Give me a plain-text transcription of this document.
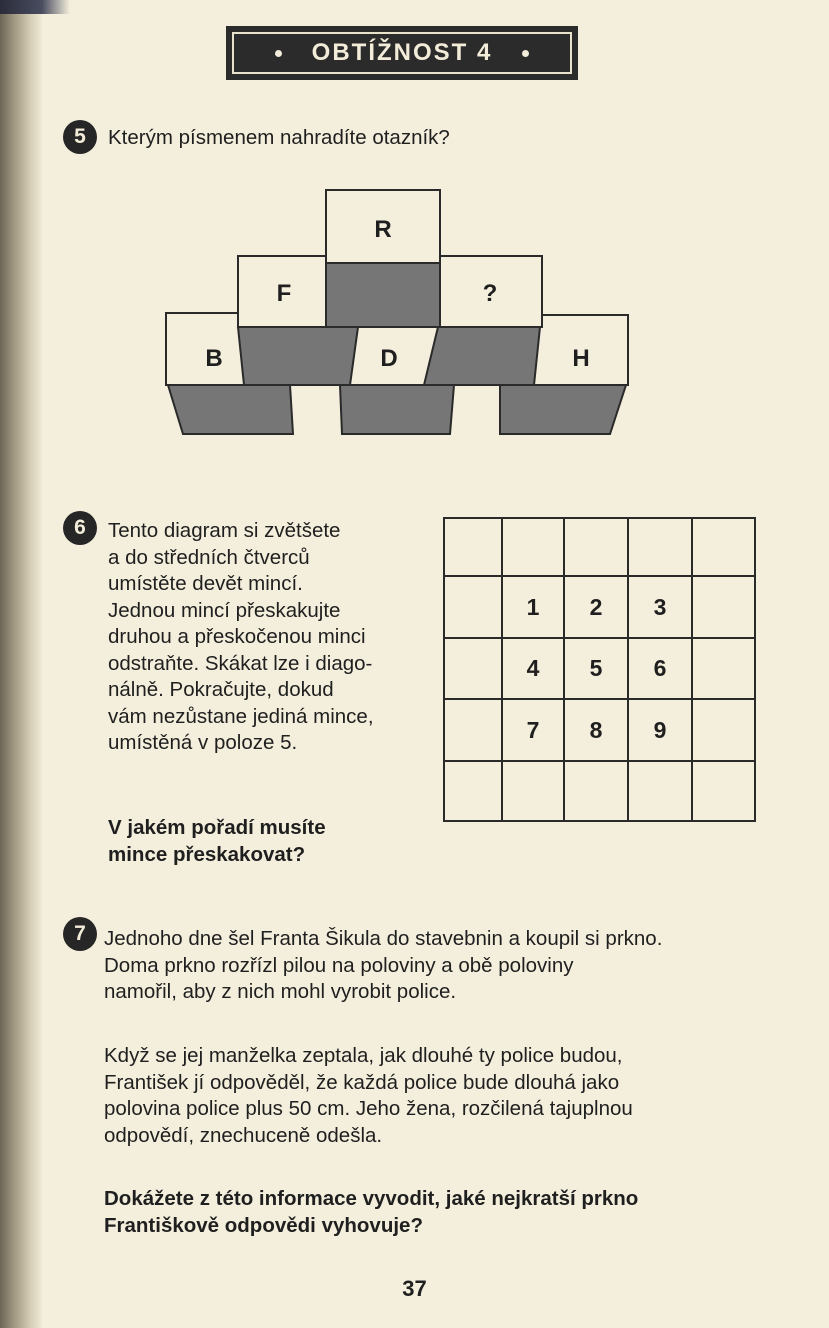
OBTÍŽNOST 4
5	Kterým písmenem nahradíte otazník?
R
F	?
B	D	H
6	Tento diagram si zvětšete
a do středních čtverců
umístěte devět mincí.
Jednou mincí přeskakujte
druhou a přeskočenou minci
odstraňte. Skákat lze i diago-
nálně. Pokračujte, dokud
vám nezůstane jediná mince,
umístěná v poloze 5.
V jakém pořadí musíte
mince přeskakovat?
1 2 3
4 5 6
7 8 9
7 Jednoho dne šel Franta Šikula do stavebnin a koupil si prkno.
Doma prkno rozřízl pilou na poloviny a obě poloviny
namořil, aby z nich mohl vyrobit police.
Když se jej manželka zeptala, jak dlouhé ty police budou,
František jí odpověděl, že každá police bude dlouhá jako
polovina police plus 50 cm. Jeho žena, rozčilená tajuplnou
odpovědí, znechuceně odešla.
Dokážete z této informace vyvodit, jaké nejkratší prkno
Františkově odpovědi vyhovuje?
37
